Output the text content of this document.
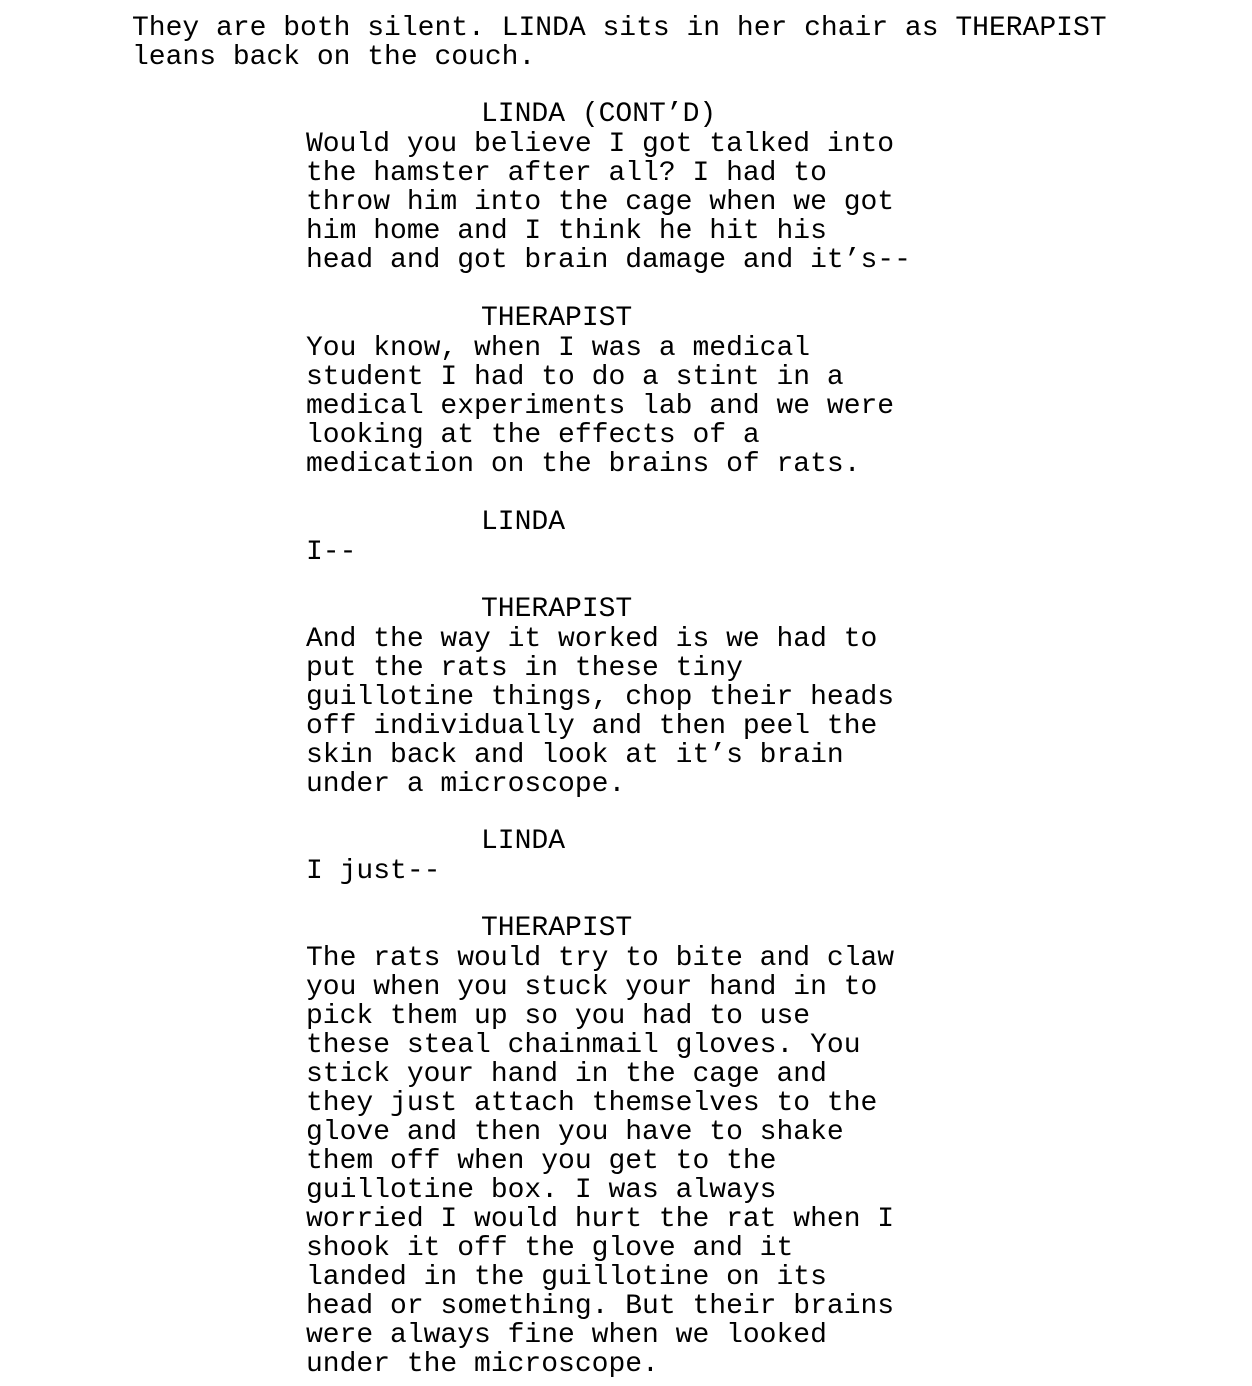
They are both silent. LINDA sits in her chair as THERAPIST
leans back on the couch.
LINDA (CONT’D)
Would you believe I got talked into
the hamster after all? I had to
throw him into the cage when we got
him home and I think he hit his
head and got brain damage and it’s--
THERAPIST
You know, when I was a medical
student I had to do a stint in a
medical experiments lab and we were
looking at the effects of a
medication on the brains of rats.
LINDA
I--
THERAPIST
And the way it worked is we had to
put the rats in these tiny
guillotine things, chop their heads
off individually and then peel the
skin back and look at it’s brain
under a microscope.
LINDA
I just--
THERAPIST
The rats would try to bite and claw
you when you stuck your hand in to
pick them up so you had to use
these steal chainmail gloves. You
stick your hand in the cage and
they just attach themselves to the
glove and then you have to shake
them off when you get to the
guillotine box. I was always
worried I would hurt the rat when I
shook it off the glove and it
landed in the guillotine on its
head or something. But their brains
were always fine when we looked
under the microscope.
